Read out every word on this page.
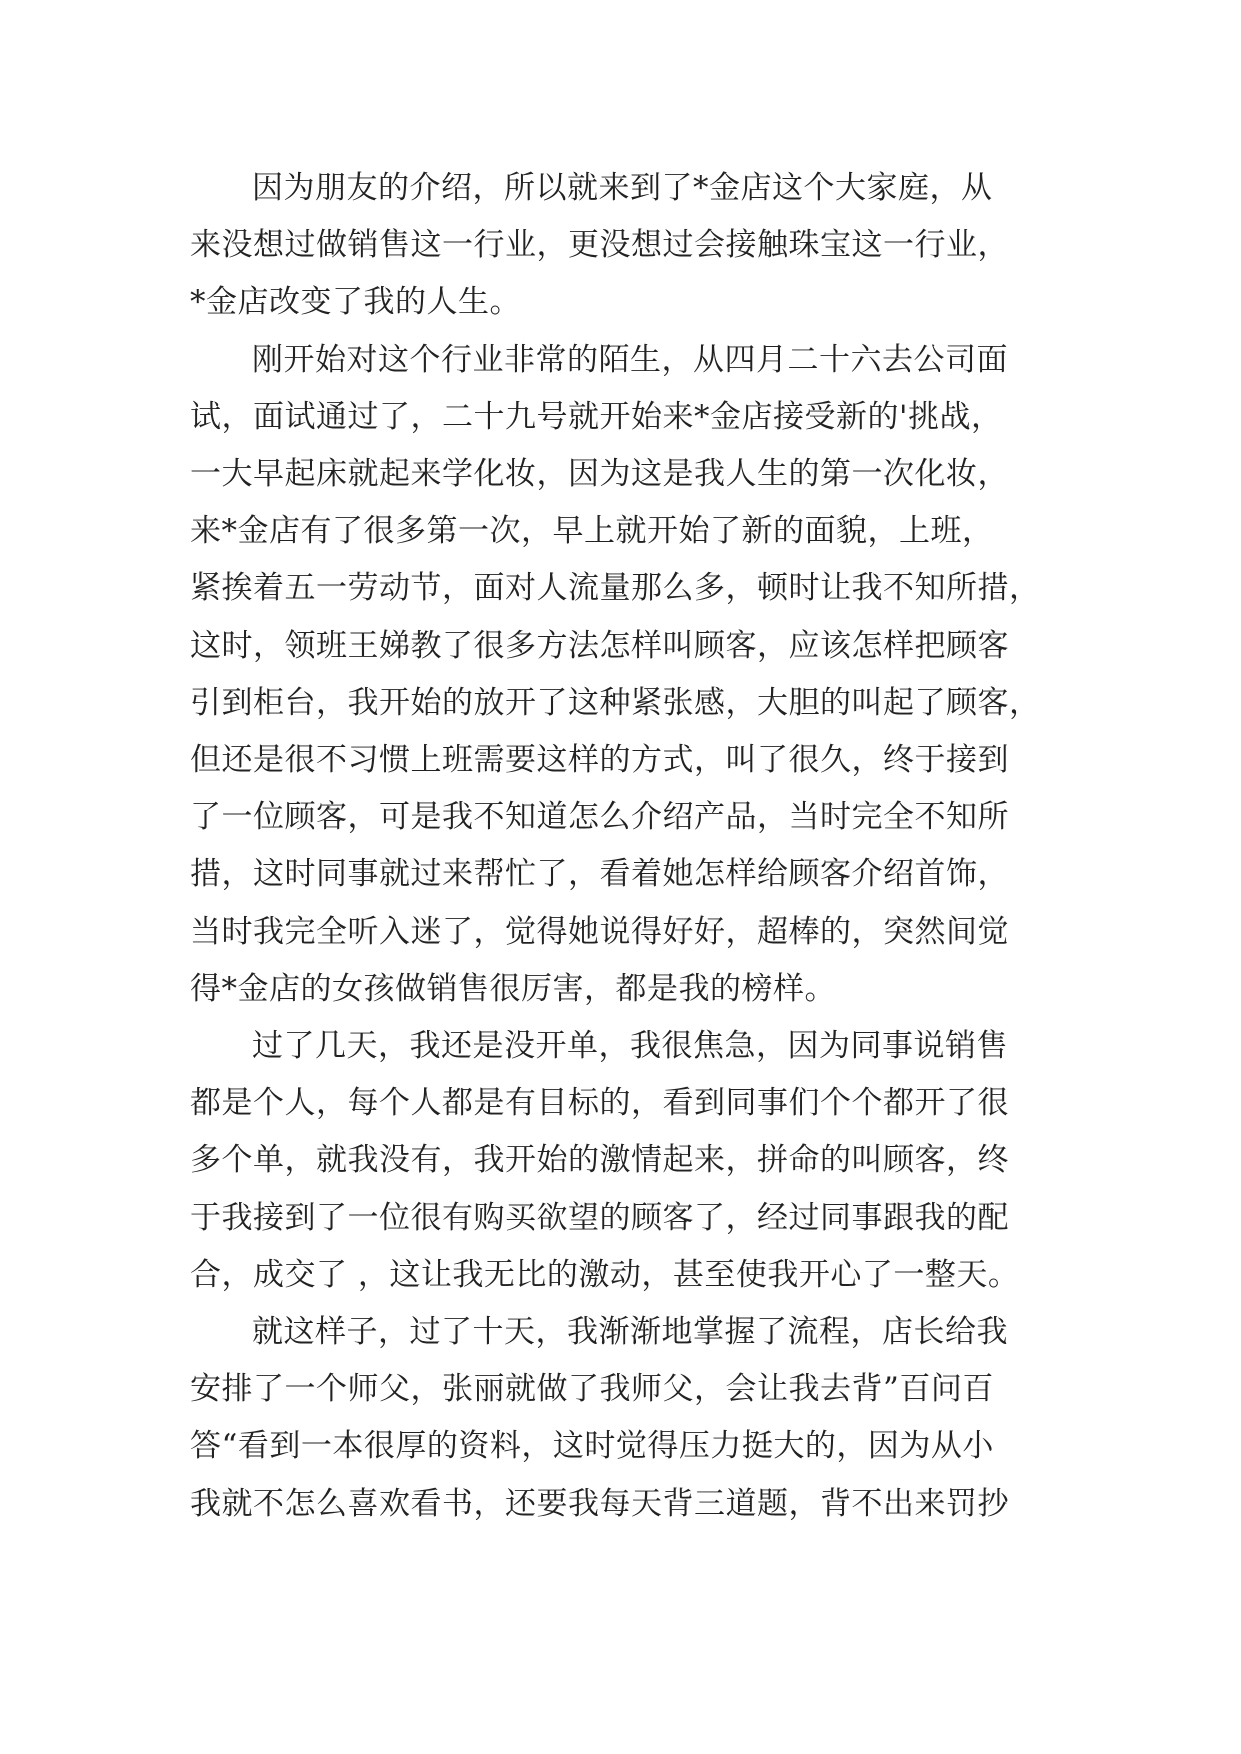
因为朋友的介绍，所以就来到了*金店这个大家庭，从
来没想过做销售这一行业，更没想过会接触珠宝这一行业，
*金店改变了我的人生。
刚开始对这个行业非常的陌生，从四月二十六去公司面
试，面试通过了，二十九号就开始来*金店接受新的'挑战，
一大早起床就起来学化妆，因为这是我人生的第一次化妆，
来*金店有了很多第一次，早上就开始了新的面貌，上班，
紧挨着五一劳动节，面对人流量那么多，顿时让我不知所措，
这时，领班王娣教了很多方法怎样叫顾客，应该怎样把顾客
引到柜台，我开始的放开了这种紧张感，大胆的叫起了顾客，
但还是很不习惯上班需要这样的方式，叫了很久，终于接到
了一位顾客，可是我不知道怎么介绍产品，当时完全不知所
措，这时同事就过来帮忙了，看着她怎样给顾客介绍首饰，
当时我完全听入迷了，觉得她说得好好，超棒的，突然间觉
得*金店的女孩做销售很厉害，都是我的榜样。
过了几天，我还是没开单，我很焦急，因为同事说销售
都是个人，每个人都是有目标的，看到同事们个个都开了很
多个单，就我没有，我开始的激情起来，拼命的叫顾客，终
于我接到了一位很有购买欲望的顾客了，经过同事跟我的配
合，成交了 ，这让我无比的激动，甚至使我开心了一整天。
就这样子，过了十天，我渐渐地掌握了流程，店长给我
安排了一个师父，张丽就做了我师父，会让我去背”百问百
答“看到一本很厚的资料，这时觉得压力挺大的，因为从小
我就不怎么喜欢看书，还要我每天背三道题，背不出来罚抄
